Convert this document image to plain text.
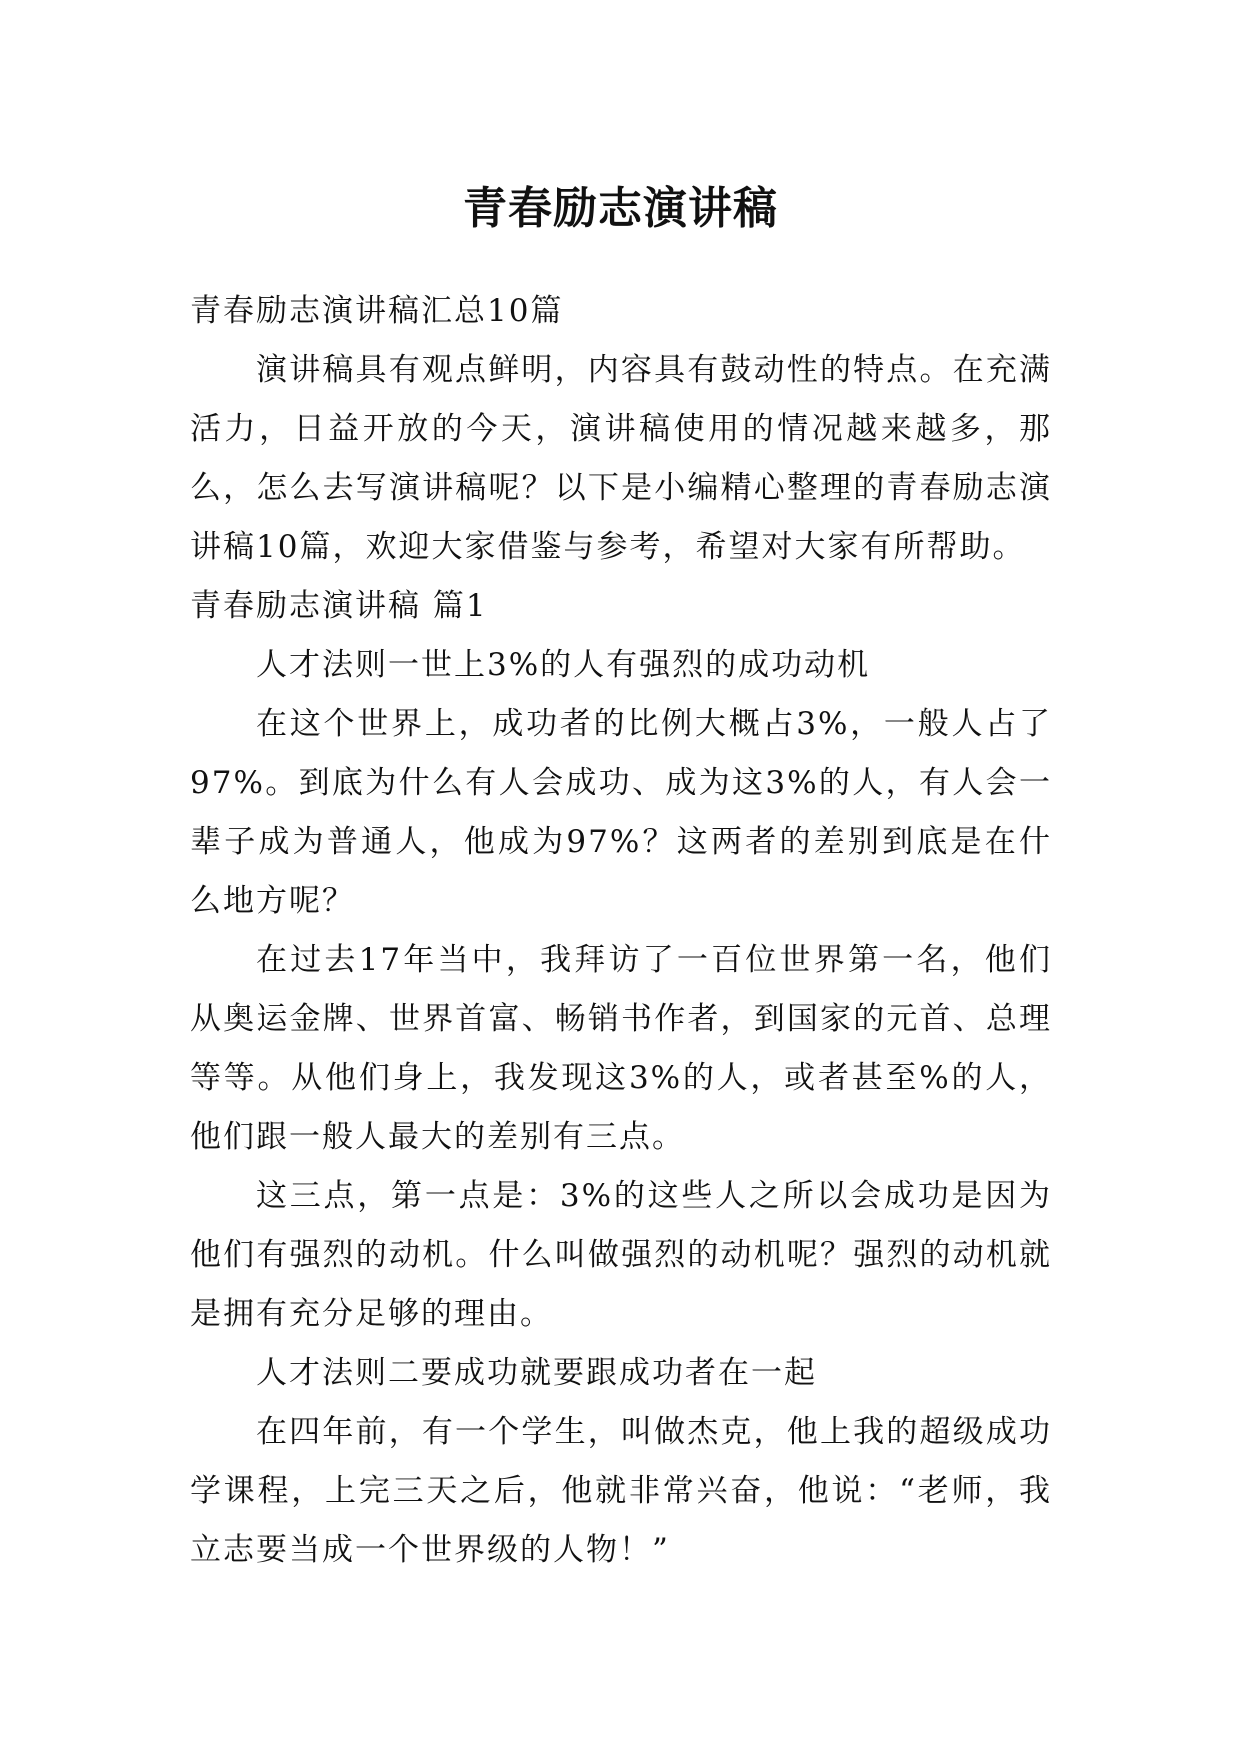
青春励志演讲稿

青春励志演讲稿汇总10篇

演讲稿具有观点鲜明，内容具有鼓动性的特点。在充满活力，日益开放的今天，演讲稿使用的情况越来越多，那么，怎么去写演讲稿呢？以下是小编精心整理的青春励志演讲稿10篇，欢迎大家借鉴与参考，希望对大家有所帮助。

青春励志演讲稿 篇1

人才法则一世上3%的人有强烈的成功动机

在这个世界上，成功者的比例大概占3%，一般人占了97%。到底为什么有人会成功、成为这3%的人，有人会一辈子成为普通人，他成为97%？这两者的差别到底是在什么地方呢？

在过去17年当中，我拜访了一百位世界第一名，他们从奥运金牌、世界首富、畅销书作者，到国家的元首、总理等等。从他们身上，我发现这3%的人，或者甚至%的人，他们跟一般人最大的差别有三点。

这三点，第一点是：3%的这些人之所以会成功是因为他们有强烈的动机。什么叫做强烈的动机呢？强烈的动机就是拥有充分足够的理由。

人才法则二要成功就要跟成功者在一起

在四年前，有一个学生，叫做杰克，他上我的超级成功学课程，上完三天之后，他就非常兴奋，他说：“老师，我立志要当成一个世界级的人物！”
